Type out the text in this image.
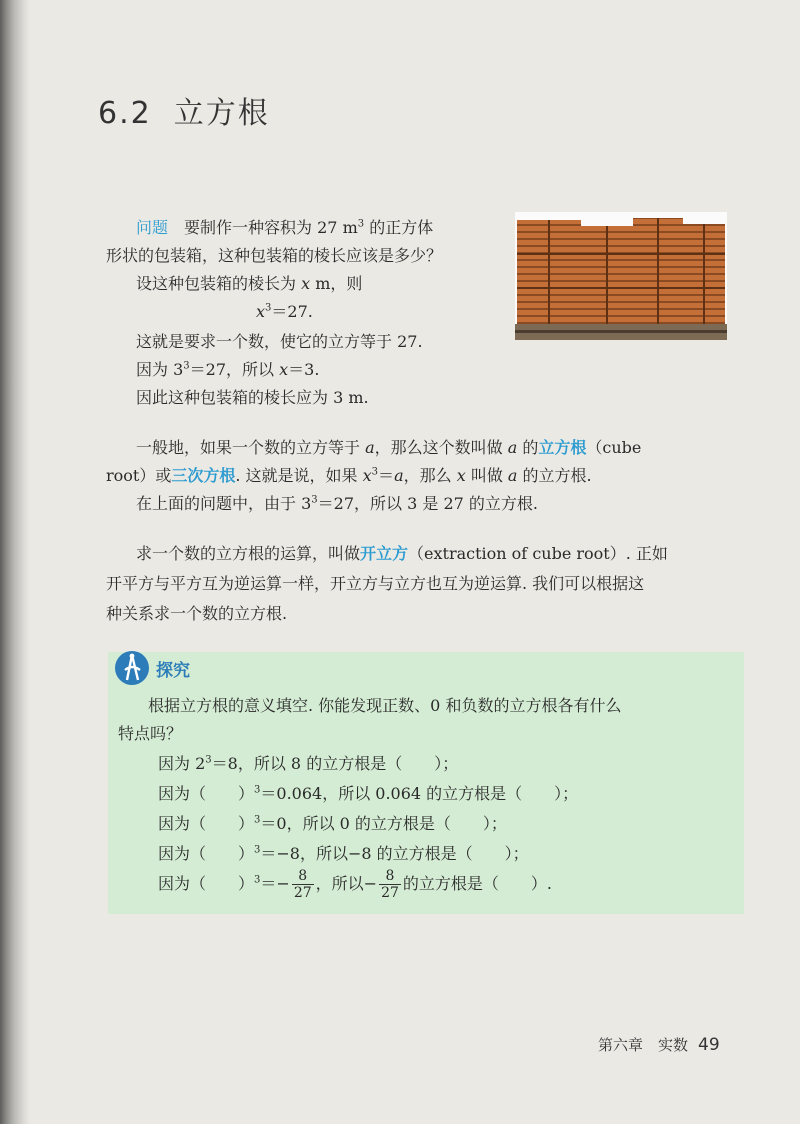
6.2 立方根

问题　 要制作一种容积为 27 $m^3$ 的正方体

形状的包装箱，这种包装箱的棱长应该是多少？

设这种包装箱的棱长为 x m，则

$x^3=27$.

这就是要求一个数，使它的立方等于 27.

因为 $3^3=27$，所以 x＝3.

因此这种包装箱的棱长应为 3 m.

一般地，如果一个数的立方等于 a，那么这个数叫做 a 的立方根（cube

root）或三次方根. 这就是说，如果 $x^3=a$，那么 x 叫做 a 的立方根.

在上面的问题中，由于 $3^3=27$，所以 3 是 27 的立方根.

求一个数的立方根的运算，叫做开立方（extraction of cube root）. 正如

开平方与平方互为逆运算一样，开立方与立方也互为逆运算. 我们可以根据这

种关系求一个数的立方根.

探究

根据立方根的意义填空. 你能发现正数、0 和负数的立方根各有什么

特点吗？

因为 $2^3=8$，所以 8 的立方根是（　　）；

因为（　　）$^3$＝0.064，所以 0.064 的立方根是（　　）；

因为（　　）$^3$＝0，所以 0 的立方根是（　　）；

因为（　　）$^3$＝−8，所以−8 的立方根是（　　）；

因为（　　）$^3=- \frac{8}{27}$ ，所以− $\frac{8}{27}$ 的立方根是（　　）.

第六章　实数 49
